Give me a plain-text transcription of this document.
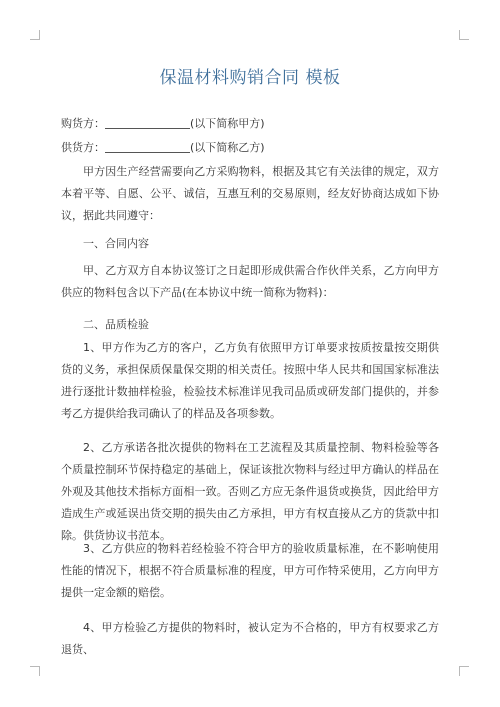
保温材料购销合同 模板

购货方：	(以下简称甲方)

供货方：	(以下简称乙方)

甲方因生产经营需要向乙方采购物料，根据及其它有关法律的规定，双方本着平等、自愿、公平、诚信，互惠互利的交易原则，经友好协商达成如下协议，据此共同遵守：

一、合同内容

甲、乙方双方自本协议签订之日起即形成供需合作伙伴关系，乙方向甲方供应的物料包含以下产品(在本协议中统一简称为物料)：

二、品质检验

1、甲方作为乙方的客户，乙方负有依照甲方订单要求按质按量按交期供货的义务，承担保质保量保交期的相关责任。按照中华人民共和国国家标准法进行逐批计数抽样检验，检验技术标准详见我司品质或研发部门提供的，并参考乙方提供给我司确认了的样品及各项参数。

2、乙方承诺各批次提供的物料在工艺流程及其质量控制、物料检验等各个质量控制环节保持稳定的基础上，保证该批次物料与经过甲方确认的样品在外观及其他技术指标方面相一致。否则乙方应无条件退货或换货，因此给甲方造成生产或延误出货交期的损失由乙方承担，甲方有权直接从乙方的货款中扣除。供货协议书范本。

3、乙方供应的物料若经检验不符合甲方的验收质量标准，在不影响使用性能的情况下，根据不符合质量标准的程度，甲方可作特采使用，乙方向甲方提供一定金额的赔偿。

4、甲方检验乙方提供的物料时，被认定为不合格的，甲方有权要求乙方退货、
